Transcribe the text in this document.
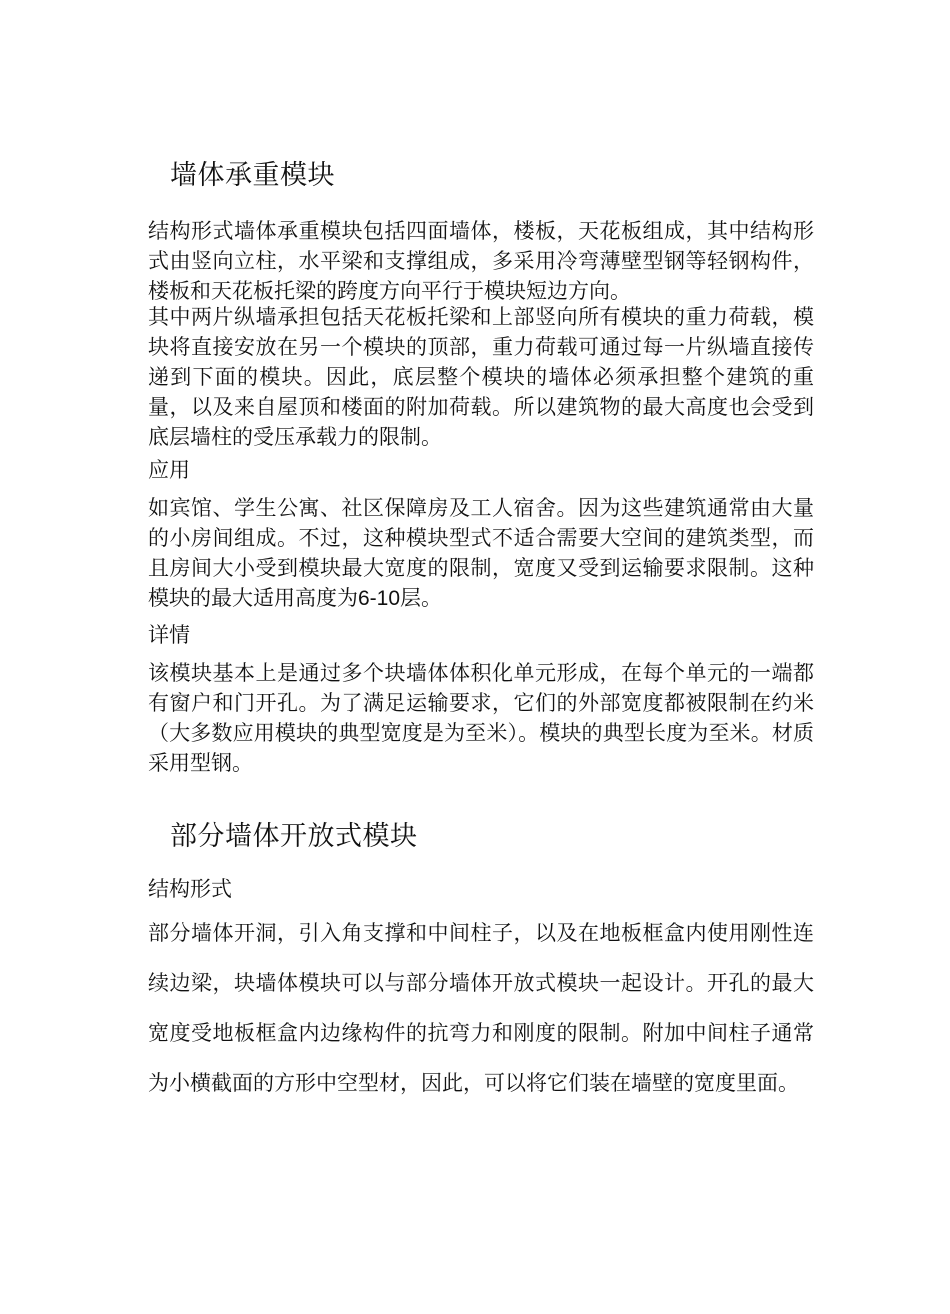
墙体承重模块

结构形式墙体承重模块包括四面墙体，楼板，天花板组成，其中结构形式由竖向立柱，水平梁和支撑组成，多采用冷弯薄壁型钢等轻钢构件，楼板和天花板托梁的跨度方向平行于模块短边方向。

其中两片纵墙承担包括天花板托梁和上部竖向所有模块的重力荷载，模块将直接安放在另一个模块的顶部，重力荷载可通过每一片纵墙直接传递到下面的模块。因此，底层整个模块的墙体必须承担整个建筑的重量，以及来自屋顶和楼面的附加荷载。所以建筑物的最大高度也会受到底层墙柱的受压承载力的限制。

应用

如宾馆、学生公寓、社区保障房及工人宿舍。因为这些建筑通常由大量的小房间组成。不过，这种模块型式不适合需要大空间的建筑类型，而且房间大小受到模块最大宽度的限制，宽度又受到运输要求限制。这种模块的最大适用高度为6-10层。

详情

该模块基本上是通过多个块墙体体积化单元形成，在每个单元的一端都有窗户和门开孔。为了满足运输要求，它们的外部宽度都被限制在约米（大多数应用模块的典型宽度是为至米）。模块的典型长度为至米。材质采用型钢。

部分墙体开放式模块

结构形式

部分墙体开洞，引入角支撑和中间柱子，以及在地板框盒内使用刚性连续边梁，块墙体模块可以与部分墙体开放式模块一起设计。开孔的最大宽度受地板框盒内边缘构件的抗弯力和刚度的限制。附加中间柱子通常为小横截面的方形中空型材，因此，可以将它们装在墙壁的宽度里面。
